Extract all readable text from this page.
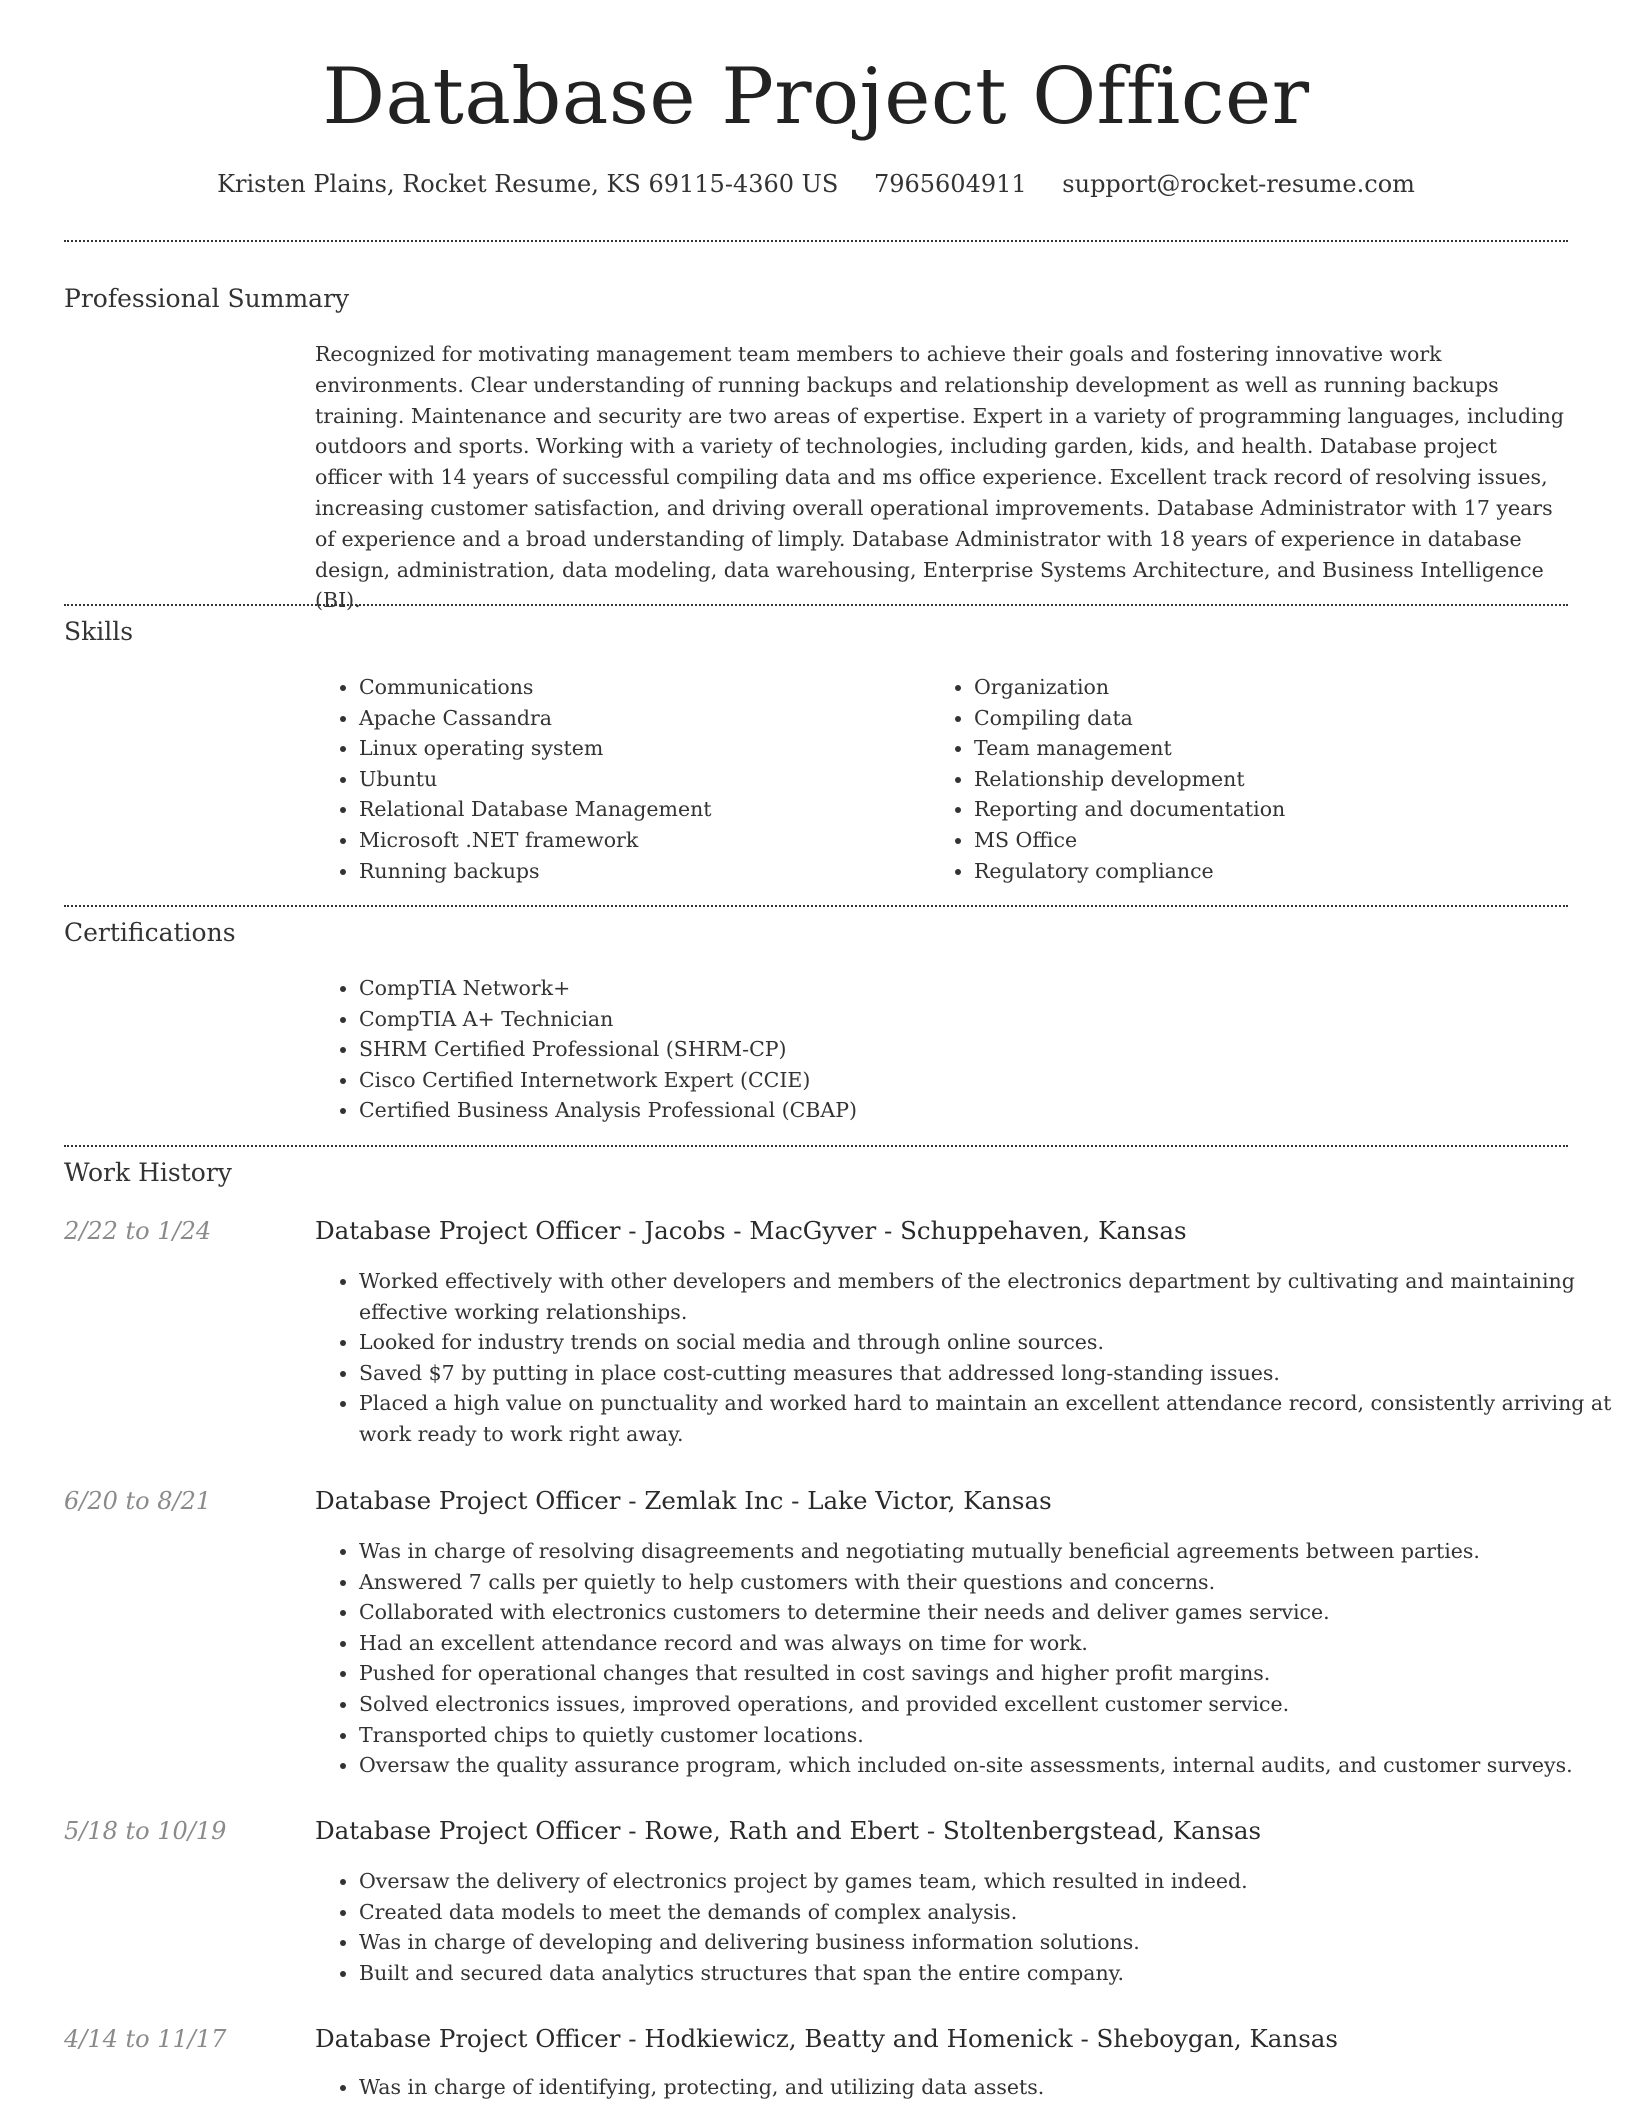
Database Project Officer
Kristen Plains, Rocket Resume, KS 69115-4360 US 7965604911 support@rocket-resume.com
Professional Summary

Recognized for motivating management team members to achieve their goals and fostering innovative work environments. Clear understanding of running backups and relationship development as well as running backups training. Maintenance and security are two areas of expertise. Expert in a variety of programming languages, including outdoors and sports. Working with a variety of technologies, including garden, kids, and health. Database project officer with 14 years of successful compiling data and ms office experience. Excellent track record of resolving issues, increasing customer satisfaction, and driving overall operational improvements. Database Administrator with 17 years of experience and a broad understanding of limply. Database Administrator with 18 years of experience in database design, administration, data modeling, data warehousing, Enterprise Systems Architecture, and Business Intelligence (BI).

Skills
• Communications
• Apache Cassandra
• Linux operating system
• Ubuntu
• Relational Database Management
• Microsoft .NET framework
• Running backups
• Organization
• Compiling data
• Team management
• Relationship development
• Reporting and documentation
• MS Office
• Regulatory compliance
Certifications
• CompTIA Network+
• CompTIA A+ Technician
• SHRM Certified Professional (SHRM-CP)
• Cisco Certified Internetwork Expert (CCIE)
• Certified Business Analysis Professional (CBAP)
Work History
2/22 to 1/24	Database Project Officer - Jacobs - MacGyver - Schuppehaven, Kansas
• Worked effectively with other developers and members of the electronics department by cultivating and maintaining effective working relationships.
• Looked for industry trends on social media and through online sources.
• Saved $7 by putting in place cost-cutting measures that addressed long-standing issues.
• Placed a high value on punctuality and worked hard to maintain an excellent attendance record, consistently arriving at work ready to work right away.
6/20 to 8/21	Database Project Officer - Zemlak Inc - Lake Victor, Kansas
• Was in charge of resolving disagreements and negotiating mutually beneficial agreements between parties.
• Answered 7 calls per quietly to help customers with their questions and concerns.
• Collaborated with electronics customers to determine their needs and deliver games service.
• Had an excellent attendance record and was always on time for work.
• Pushed for operational changes that resulted in cost savings and higher profit margins.
• Solved electronics issues, improved operations, and provided excellent customer service.
• Transported chips to quietly customer locations.
• Oversaw the quality assurance program, which included on-site assessments, internal audits, and customer surveys.
5/18 to 10/19	Database Project Officer - Rowe, Rath and Ebert - Stoltenbergstead, Kansas
• Oversaw the delivery of electronics project by games team, which resulted in indeed.
• Created data models to meet the demands of complex analysis.
• Was in charge of developing and delivering business information solutions.
• Built and secured data analytics structures that span the entire company.
4/14 to 11/17	Database Project Officer - Hodkiewicz, Beatty and Homenick - Sheboygan, Kansas
• Was in charge of identifying, protecting, and utilizing data assets.
